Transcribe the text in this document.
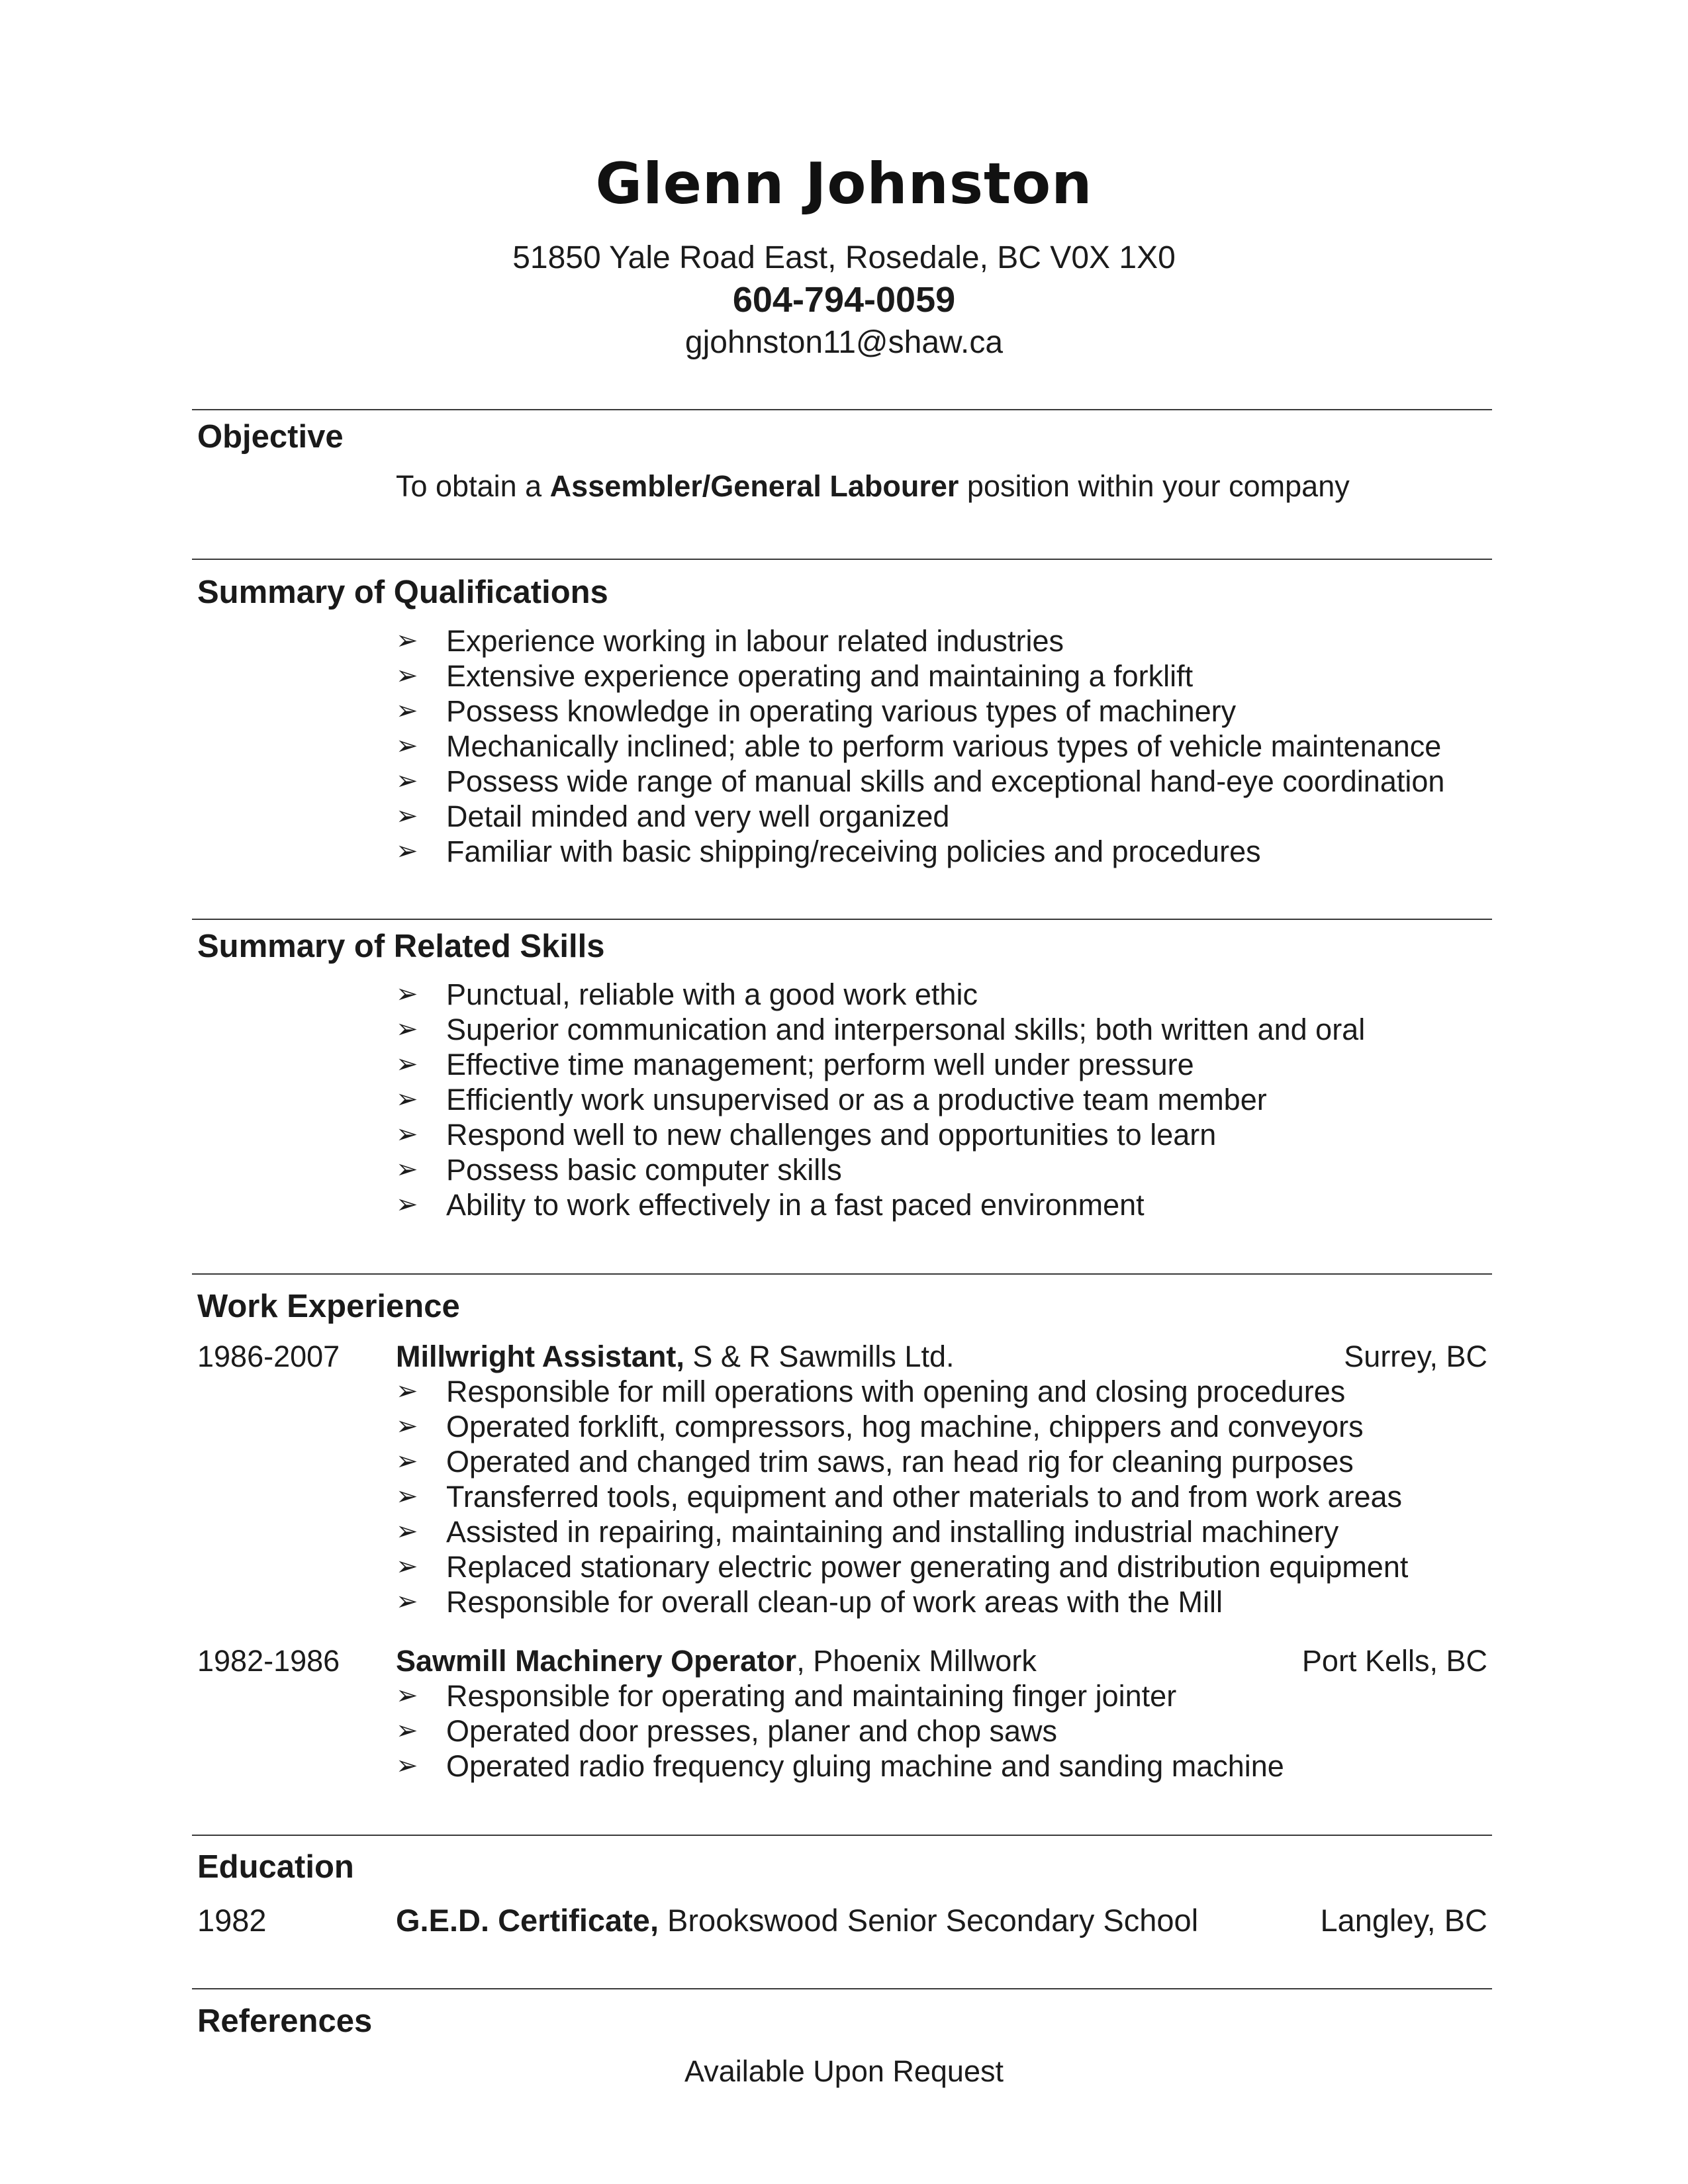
Glenn Johnston
51850 Yale Road East, Rosedale, BC V0X 1X0
604-794-0059
gjohnston11@shaw.ca
Objective
To obtain a Assembler/General Labourer position within your company
Summary of Qualifications
➢ Experience working in labour related industries
➢ Extensive experience operating and maintaining a forklift
➢ Possess knowledge in operating various types of machinery
➢ Mechanically inclined; able to perform various types of vehicle maintenance
➢ Possess wide range of manual skills and exceptional hand-eye coordination
➢ Detail minded and very well organized
➢ Familiar with basic shipping/receiving policies and procedures
Summary of Related Skills
➢ Punctual, reliable with a good work ethic
➢ Superior communication and interpersonal skills; both written and oral
➢ Effective time management; perform well under pressure
➢ Efficiently work unsupervised or as a productive team member
➢ Respond well to new challenges and opportunities to learn
➢ Possess basic computer skills
➢ Ability to work effectively in a fast paced environment
Work Experience
1986-2007 Millwright Assistant, S & R Sawmills Ltd.	Surrey, BC
➢ Responsible for mill operations with opening and closing procedures
➢ Operated forklift, compressors, hog machine, chippers and conveyors
➢ Operated and changed trim saws, ran head rig for cleaning purposes
➢ Transferred tools, equipment and other materials to and from work areas
➢ Assisted in repairing, maintaining and installing industrial machinery
➢ Replaced stationary electric power generating and distribution equipment
➢ Responsible for overall clean-up of work areas with the Mill
1982-1986 Sawmill Machinery Operator, Phoenix Millwork	Port Kells, BC
➢ Responsible for operating and maintaining finger jointer
➢ Operated door presses, planer and chop saws
➢ Operated radio frequency gluing machine and sanding machine
Education
1982	G.E.D. Certificate, Brookswood Senior Secondary School	Langley, BC
References
Available Upon Request
